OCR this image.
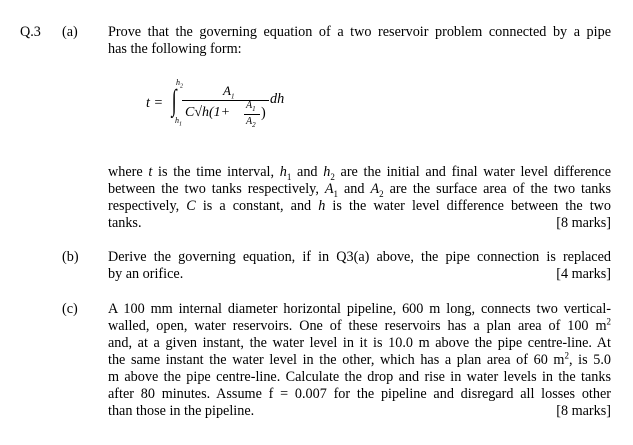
Q.3 (a)
(b)
(c)
Prove that the governing equation of a two reservoir problem connected by a pipe
has the following form:
t = ∫
$h_2$
$h_1$
$A_1$
$C√h(1+ A_1$
$A_2$
)
dh
where t is the time interval, $h_1$ and $h_2$ are the initial and final water level difference
between the two tanks respectively, $A_1$ and $A_2$ are the surface area of the two tanks
respectively, C is a constant, and h is the water level difference between the two
tanks.	[8 marks]
Derive the governing equation, if in Q3(a) above, the pipe connection is replaced
by an orifice.	[4 marks]
A 100 mm internal diameter horizontal pipeline, 600 m long, connects two vertical-
walled, open, water reservoirs. One of these reservoirs has a plan area of 100 $m^2$
and, at a given instant, the water level in it is 10.0 m above the pipe centre-line. At
the same instant the water level in the other, which has a plan area of 60 $m^2$, is 5.0
m above the pipe centre-line. Calculate the drop and rise in water levels in the tanks
after 80 minutes. Assume f = 0.007 for the pipeline and disregard all losses other
than those in the pipeline.	[8 marks]
